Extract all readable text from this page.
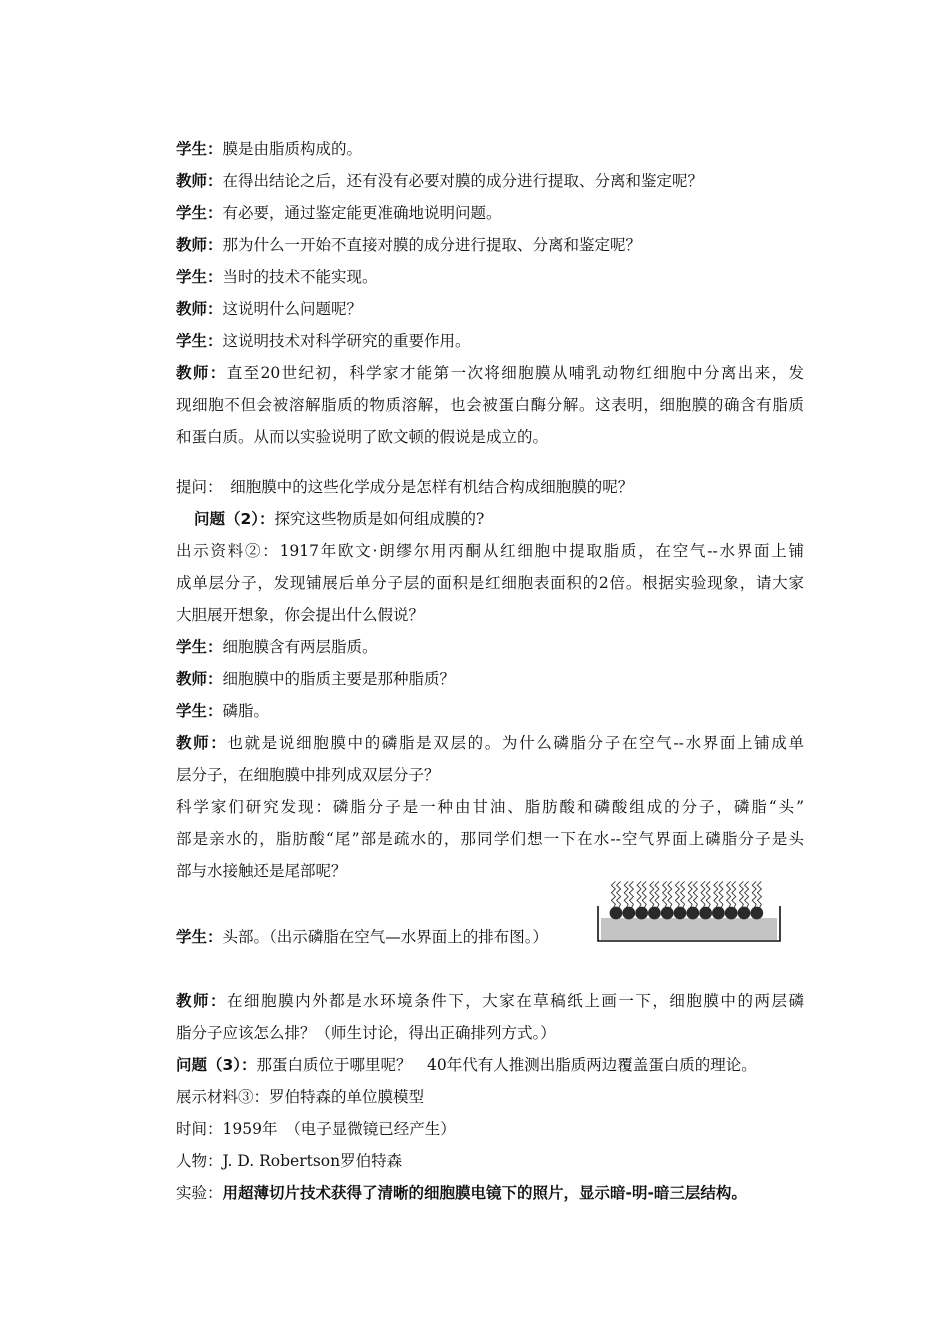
学生：膜是由脂质构成的。
教师：在得出结论之后，还有没有必要对膜的成分进行提取、分离和鉴定呢？
学生：有必要，通过鉴定能更准确地说明问题。
教师：那为什么一开始不直接对膜的成分进行提取、分离和鉴定呢？
学生：当时的技术不能实现。
教师：这说明什么问题呢？
学生：这说明技术对科学研究的重要作用。
教师：直至20世纪初，科学家才能第一次将细胞膜从哺乳动物红细胞中分离出来，发
现细胞不但会被溶解脂质的物质溶解，也会被蛋白酶分解。这表明，细胞膜的确含有脂质
和蛋白质。从而以实验说明了欧文顿的假说是成立的。
提问：　细胞膜中的这些化学成分是怎样有机结合构成细胞膜的呢？
问题（2）：探究这些物质是如何组成膜的?
出示资料②：1917年欧文·朗缪尔用丙酮从红细胞中提取脂质，在空气--水界面上铺
成单层分子，发现铺展后单分子层的面积是红细胞表面积的2倍。根据实验现象，请大家
大胆展开想象，你会提出什么假说？
学生：细胞膜含有两层脂质。
教师：细胞膜中的脂质主要是那种脂质？
学生：磷脂。
教师：也就是说细胞膜中的磷脂是双层的。为什么磷脂分子在空气--水界面上铺成单
层分子，在细胞膜中排列成双层分子？
科学家们研究发现：磷脂分子是一种由甘油、脂肪酸和磷酸组成的分子，磷脂“头”
部是亲水的，脂肪酸“尾”部是疏水的，那同学们想一下在水--空气界面上磷脂分子是头
部与水接触还是尾部呢？
学生：头部。（出示磷脂在空气—水界面上的排布图。）
教师：在细胞膜内外都是水环境条件下，大家在草稿纸上画一下，细胞膜中的两层磷
脂分子应该怎么排？（师生讨论，得出正确排列方式。）
问题（3）：那蛋白质位于哪里呢？　40年代有人推测出脂质两边覆盖蛋白质的理论。
展示材料③：罗伯特森的单位膜模型
时间：1959年　（电子显微镜已经产生）
人物：J. D. Robertson罗伯特森
实验：用超薄切片技术获得了清晰的细胞膜电镜下的照片，显示暗-明-暗三层结构。
